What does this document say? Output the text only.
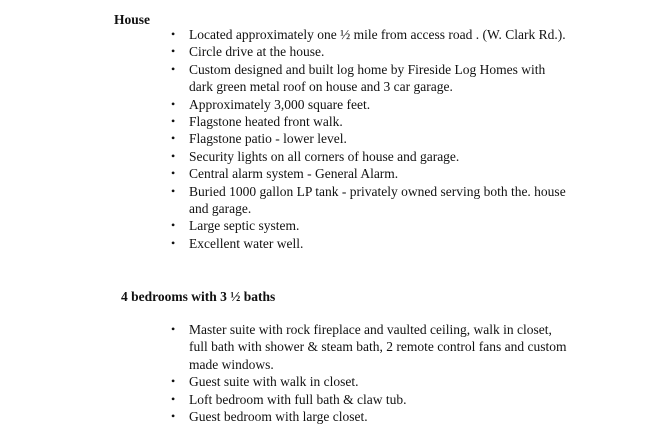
House
• Located approximately one ½ mile from access road . (W. Clark Rd.).
• Circle drive at the house.
• Custom designed and built log home by Fireside Log Homes with dark green metal roof on house and 3 car garage.
• Approximately 3,000 square feet.
• Flagstone heated front walk.
• Flagstone patio - lower level.
• Security lights on all corners of house and garage.
• Central alarm system - General Alarm.
• Buried 1000 gallon LP tank - privately owned serving both the. house and garage.
• Large septic system.
• Excellent water well.
4 bedrooms with 3 ½ baths
• Master suite with rock fireplace and vaulted ceiling, walk in closet, full bath with shower & steam bath, 2 remote control fans and custom made windows.
• Guest suite with walk in closet.
• Loft bedroom with full bath & claw tub.
• Guest bedroom with large closet.
